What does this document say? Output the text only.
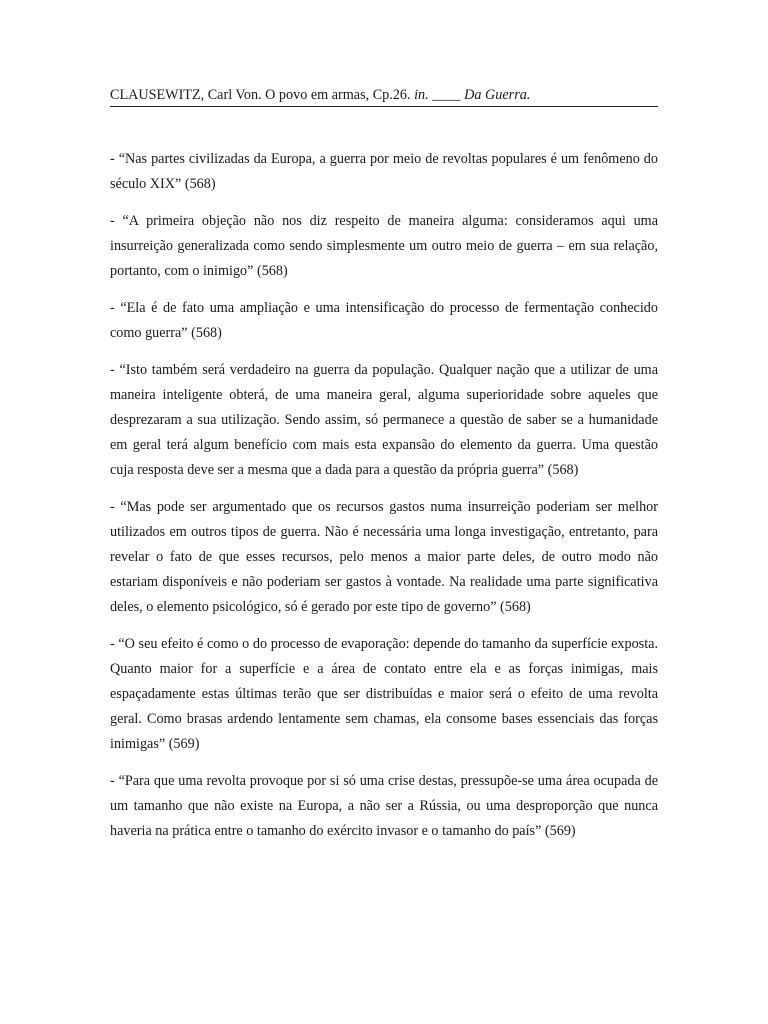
CLAUSEWITZ, Carl Von. O povo em armas, Cp.26. in. ____ Da Guerra.

- “Nas partes civilizadas da Europa, a guerra por meio de revoltas populares é um fenômeno do século XIX” (568)

- “A primeira objeção não nos diz respeito de maneira alguma: consideramos aqui uma insurreição generalizada como sendo simplesmente um outro meio de guerra – em sua relação, portanto, com o inimigo” (568)

- “Ela é de fato uma ampliação e uma intensificação do processo de fermentação conhecido como guerra” (568)

- “Isto também será verdadeiro na guerra da população. Qualquer nação que a utilizar de uma maneira inteligente obterá, de uma maneira geral, alguma superioridade sobre aqueles que desprezaram a sua utilização. Sendo assim, só permanece a questão de saber se a humanidade em geral terá algum benefício com mais esta expansão do elemento da guerra. Uma questão cuja resposta deve ser a mesma que a dada para a questão da própria guerra” (568)

- “Mas pode ser argumentado que os recursos gastos numa insurreição poderiam ser melhor utilizados em outros tipos de guerra. Não é necessária uma longa investigação, entretanto, para revelar o fato de que esses recursos, pelo menos a maior parte deles, de outro modo não estariam disponíveis e não poderiam ser gastos à vontade. Na realidade uma parte significativa deles, o elemento psicológico, só é gerado por este tipo de governo” (568)

- “O seu efeito é como o do processo de evaporação: depende do tamanho da superfície exposta. Quanto maior for a superfície e a área de contato entre ela e as forças inimigas, mais espaçadamente estas últimas terão que ser distribuídas e maior será o efeito de uma revolta geral. Como brasas ardendo lentamente sem chamas, ela consome bases essenciais das forças inimigas” (569)

- “Para que uma revolta provoque por si só uma crise destas, pressupõe-se uma área ocupada de um tamanho que não existe na Europa, a não ser a Rússia, ou uma desproporção que nunca haveria na prática entre o tamanho do exército invasor e o tamanho do país” (569)
